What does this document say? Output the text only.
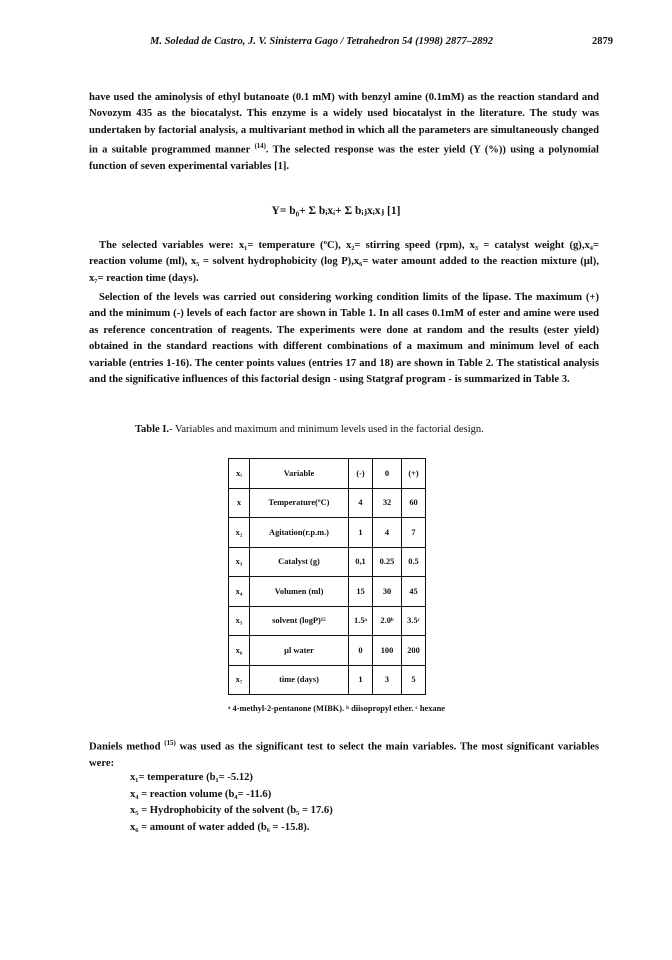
M. Soledad de Castro, J. V. Sinisterra Gago / Tetrahedron 54 (1998) 2877–2892	2879
have used the aminolysis of ethyl butanoate (0.1 mM) with benzyl amine (0.1mM) as the reaction standard and Novozym 435 as the biocatalyst. This enzyme is a widely used biocatalyst in the literature. The study was undertaken by factorial analysis, a multivariant method in which all the parameters are simultaneously changed in a suitable programmed manner $^{(14)}$. The selected response was the ester yield (Y (%)) using a polynomial function of seven experimental variables [1].
Y= b₀+ Σ bᵢxᵢ+ Σ bᵢⱼxᵢxⱼ [1]
The selected variables were: x₁= temperature (ºC), x₂= stirring speed (rpm), x₃ = catalyst weight (g),x₄= reaction volume (ml), x₅ = solvent hydrophobicity (log P),x₆= water amount added to the reaction mixture (µl), x₇= reaction time (days).
Selection of the levels was carried out considering working condition limits of the lipase. The maximum (+) and the minimum (-) levels of each factor are shown in Table 1. In all cases 0.1mM of ester and amine were used as reference concentration of reagents. The experiments were done at random and the results (ester yield) obtained in the standard reactions with different combinations of a maximum and minimum level of each variable (entries 1-16). The center points values (entries 17 and 18) are shown in Table 2. The statistical analysis and the significative influences of this factorial design - using Statgraf program - is summarized in Table 3.
Table I.- Variables and maximum and minimum levels used in the factorial design.
xᵢ	Variable	(-)	0	(+)
x	Temperature(ºC)	4	32	60
x₂	Agitation(r.p.m.)	1	4	7
x₃	Catalyst (g)	0,1	0.25	0.5
x₄	Volumen (ml)	15	30	45
x₅	solvent (logP)¹⁵	1.5ᵃ	2.0ᵇ	3.5ᶜ
x₆	µl water	0	100	200
x₇	time (days)	1	3	5
ᵃ 4-methyl-2-pentanone (MIBK). ᵇ diisopropyl ether. ᶜ hexane
Daniels method $^{(15)}$ was used as the significant test to select the main variables. The most significant variables were:
x₁= temperature (b₁= -5.12)
x₄ = reaction volume (b₄= -11.6)
x₅ = Hydrophobicity of the solvent (b₅ = 17.6)
x₆ = amount of water added (b₆ = -15.8).
